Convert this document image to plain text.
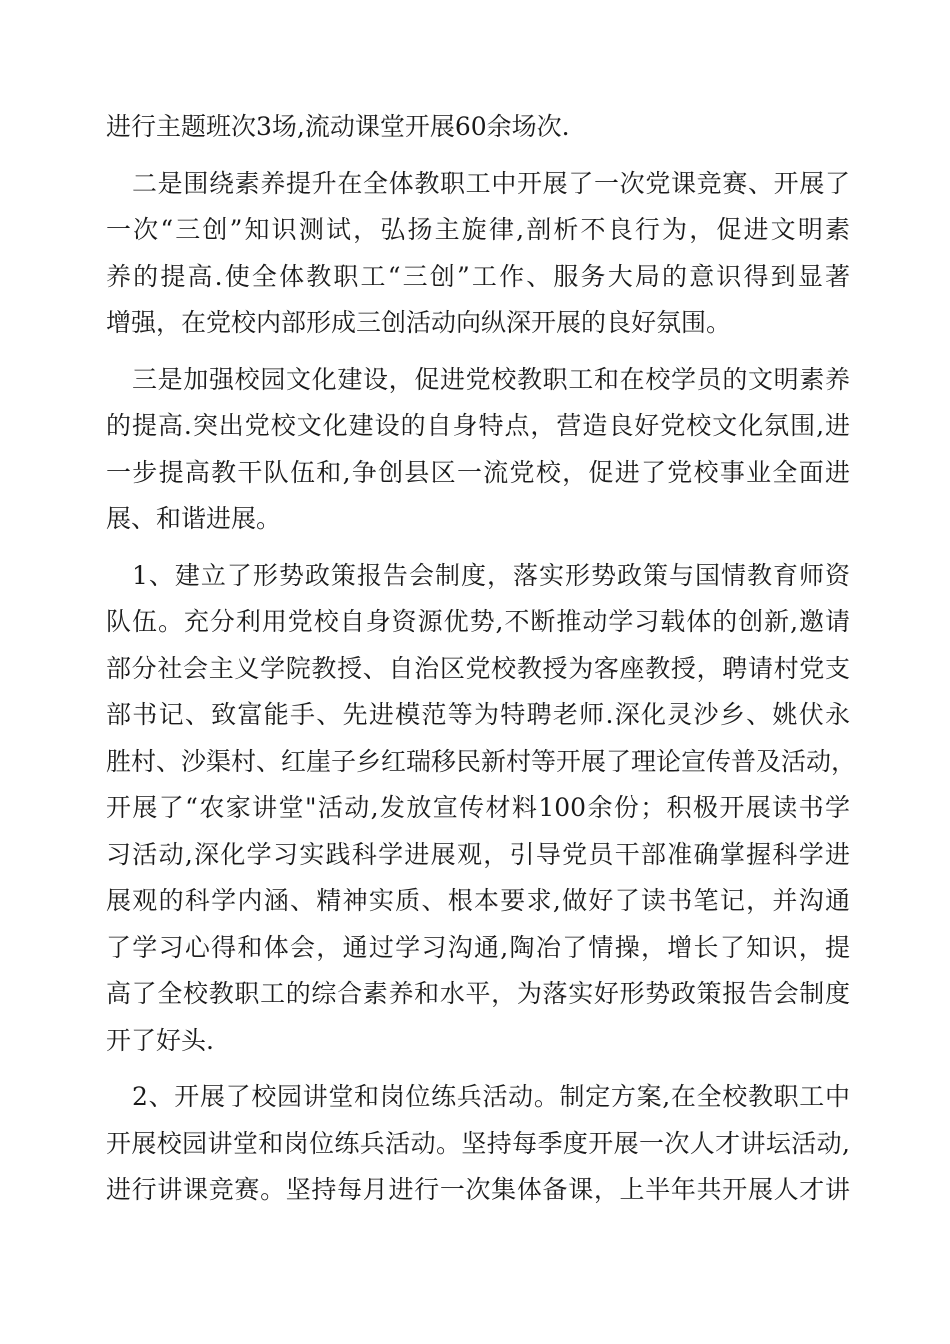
进行主题班次3场,流动课堂开展60余场次.
二是围绕素养提升在全体教职工中开展了一次党课竞赛、开展了
一次“三创”知识测试，弘扬主旋律,剖析不良行为，促进文明素
养的提高.使全体教职工“三创”工作、服务大局的意识得到显著
增强，在党校内部形成三创活动向纵深开展的良好氛围。
三是加强校园文化建设，促进党校教职工和在校学员的文明素养
的提高.突出党校文化建设的自身特点，营造良好党校文化氛围,进
一步提高教干队伍和,争创县区一流党校，促进了党校事业全面进
展、和谐进展。
1、建立了形势政策报告会制度，落实形势政策与国情教育师资
队伍。充分利用党校自身资源优势,不断推动学习载体的创新,邀请
部分社会主义学院教授、自治区党校教授为客座教授，聘请村党支
部书记、致富能手、先进模范等为特聘老师.深化灵沙乡、姚伏永
胜村、沙渠村、红崖子乡红瑞移民新村等开展了理论宣传普及活动，
开展了“农家讲堂"活动,发放宣传材料100余份；积极开展读书学
习活动,深化学习实践科学进展观，引导党员干部准确掌握科学进
展观的科学内涵、精神实质、根本要求,做好了读书笔记，并沟通
了学习心得和体会，通过学习沟通,陶冶了情操，增长了知识，提
高了全校教职工的综合素养和水平，为落实好形势政策报告会制度
开了好头.
2、开展了校园讲堂和岗位练兵活动。制定方案,在全校教职工中
开展校园讲堂和岗位练兵活动。坚持每季度开展一次人才讲坛活动,
进行讲课竞赛。坚持每月进行一次集体备课，上半年共开展人才讲
